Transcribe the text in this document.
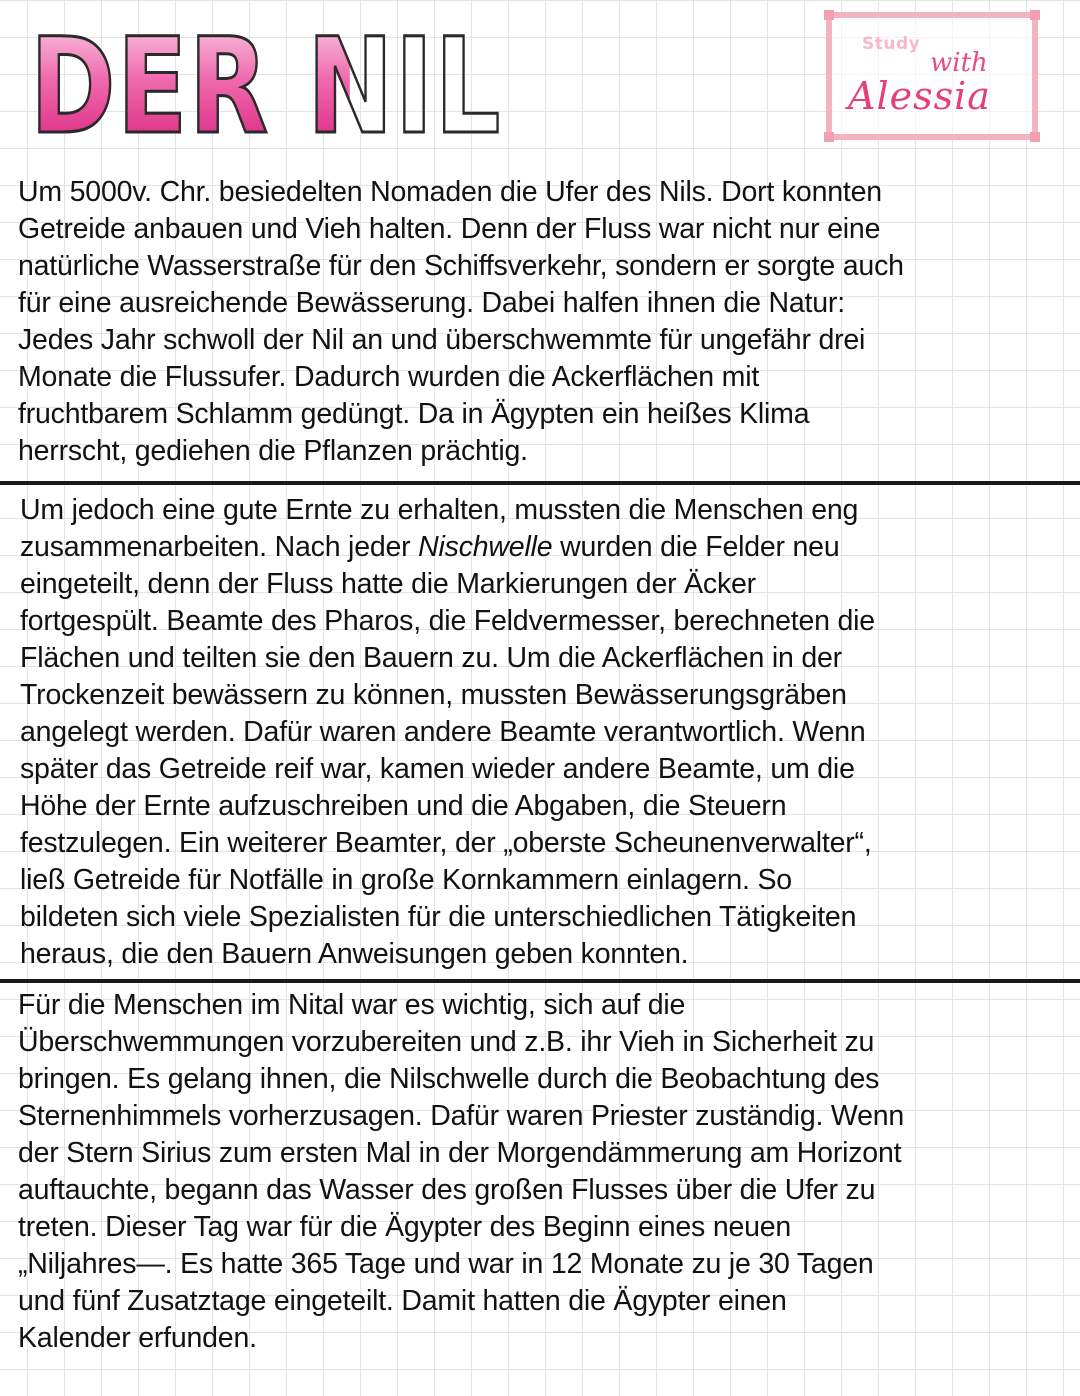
DER NIL	Study
with
Alessia
Um 5000v. Chr. besiedelten Nomaden die Ufer des Nils. Dort konnten
Getreide anbauen und Vieh halten. Denn der Fluss war nicht nur eine
natürliche Wasserstraße für den Schiffsverkehr, sondern er sorgte auch
für eine ausreichende Bewässerung. Dabei halfen ihnen die Natur:
Jedes Jahr schwoll der Nil an und überschwemmte für ungefähr drei
Monate die Flussufer. Dadurch wurden die Ackerflächen mit
fruchtbarem Schlamm gedüngt. Da in Ägypten ein heißes Klima
herrscht, gediehen die Pflanzen prächtig.
Um jedoch eine gute Ernte zu erhalten, mussten die Menschen eng
zusammenarbeiten. Nach jeder Nischwelle wurden die Felder neu
eingeteilt, denn der Fluss hatte die Markierungen der Äcker
fortgespült. Beamte des Pharos, die Feldvermesser, berechneten die
Flächen und teilten sie den Bauern zu. Um die Ackerflächen in der
Trockenzeit bewässern zu können, mussten Bewässerungsgräben
angelegt werden. Dafür waren andere Beamte verantwortlich. Wenn
später das Getreide reif war, kamen wieder andere Beamte, um die
Höhe der Ernte aufzuschreiben und die Abgaben, die Steuern
festzulegen. Ein weiterer Beamter, der „oberste Scheunenverwalter“,
ließ Getreide für Notfälle in große Kornkammern einlagern. So
bildeten sich viele Spezialisten für die unterschiedlichen Tätigkeiten
heraus, die den Bauern Anweisungen geben konnten.
Für die Menschen im Nital war es wichtig, sich auf die
Überschwemmungen vorzubereiten und z.B. ihr Vieh in Sicherheit zu
bringen. Es gelang ihnen, die Nilschwelle durch die Beobachtung des
Sternenhimmels vorherzusagen. Dafür waren Priester zuständig. Wenn
der Stern Sirius zum ersten Mal in der Morgendämmerung am Horizont
auftauchte, begann das Wasser des großen Flusses über die Ufer zu
treten. Dieser Tag war für die Ägypter des Beginn eines neuen
„Niljahres—. Es hatte 365 Tage und war in 12 Monate zu je 30 Tagen
und fünf Zusatztage eingeteilt. Damit hatten die Ägypter einen
Kalender erfunden.
